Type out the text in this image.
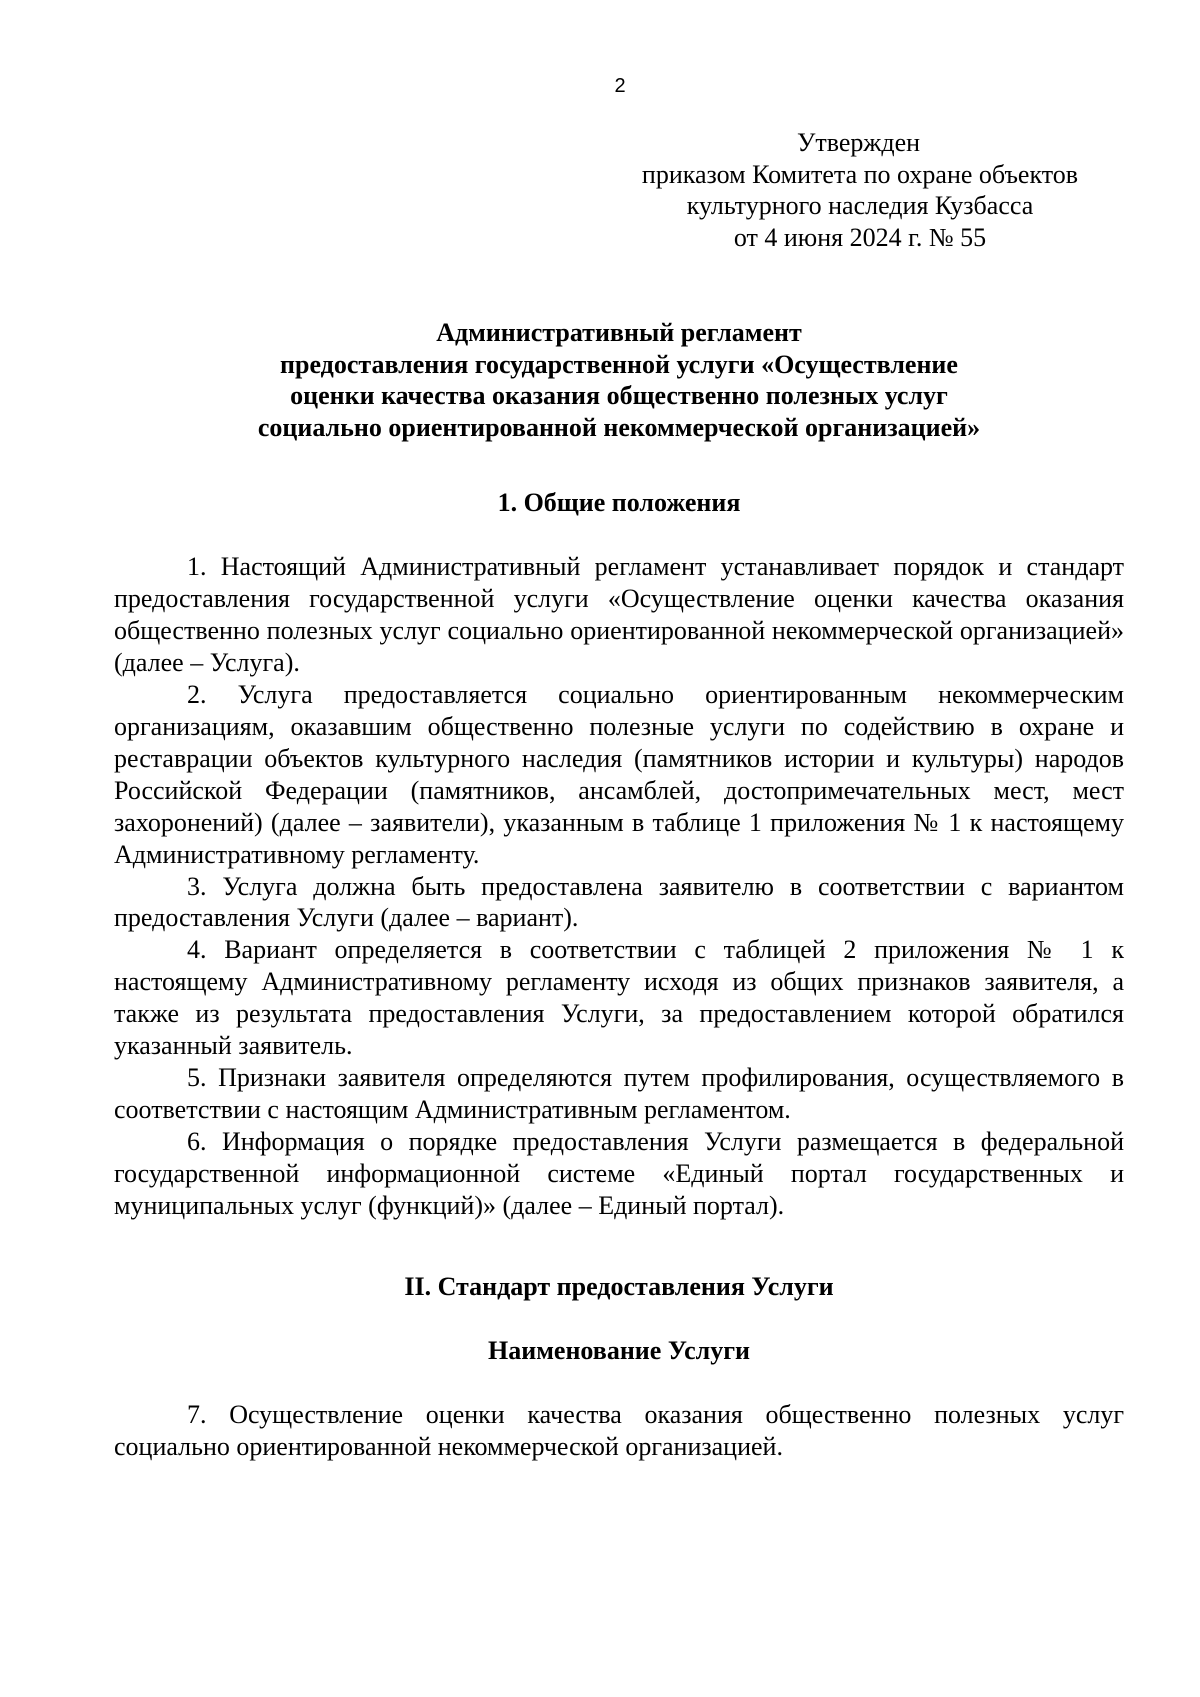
2
Утвержден
приказом Комитета по охране объектов
культурного наследия Кузбасса
от 4 июня 2024 г. № 55
Административный регламент
предоставления государственной услуги «Осуществление
оценки качества оказания общественно полезных услуг
социально ориентированной некоммерческой организацией»
1. Общие положения

1. Настоящий Административный регламент устанавливает порядок и стандарт предоставления государственной услуги «Осуществление оценки качества оказания общественно полезных услуг социально ориентированной некоммерческой организацией» (далее – Услуга).

2. Услуга предоставляется социально ориентированным некоммерческим организациям, оказавшим общественно полезные услуги по содействию в охране и реставрации объектов культурного наследия (памятников истории и культуры) народов Российской Федерации (памятников, ансамблей, достопримечательных мест, мест захоронений) (далее – заявители), указанным в таблице 1 приложения № 1 к настоящему Административному регламенту.

3. Услуга должна быть предоставлена заявителю в соответствии с вариантом предоставления Услуги (далее – вариант).

4. Вариант определяется в соответствии с таблицей 2 приложения № 1 к настоящему Административному регламенту исходя из общих признаков заявителя, а также из результата предоставления Услуги, за предоставлением которой обратился указанный заявитель.

5. Признаки заявителя определяются путем профилирования, осуществляемого в соответствии с настоящим Административным регламентом.

6. Информация о порядке предоставления Услуги размещается в федеральной государственной информационной системе «Единый портал государственных и муниципальных услуг (функций)» (далее – Единый портал).

II. Стандарт предоставления Услуги
Наименование Услуги

7. Осуществление оценки качества оказания общественно полезных услуг социально ориентированной некоммерческой организацией.
